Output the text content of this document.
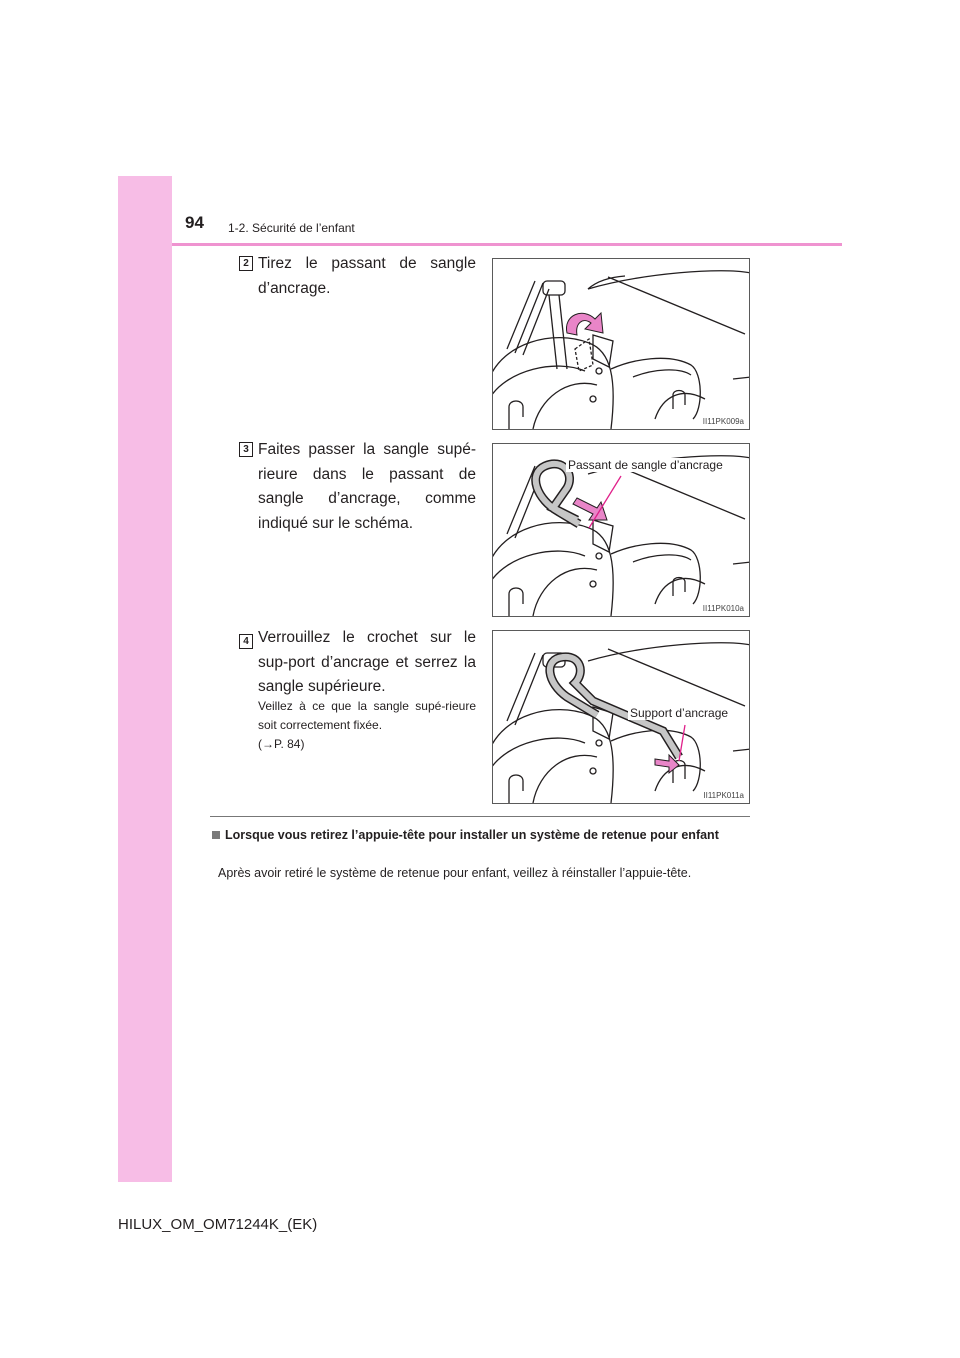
94 1-2. Sécurité de l’enfant
2 Tirez le passant de sangle d’ancrage.
II11PK009a
3 Faites passer la sangle supé-rieure dans le passant de sangle d’ancrage, comme indiqué sur le schéma.
II11PK010a
Passant de sangle d’ancrage
4 Verrouillez le crochet sur le sup-port d’ancrage et serrez la sangle supérieure.
Veillez à ce que la sangle supé-rieure soit correctement fixée.
(→P. 84)
II11PK011a
Support d’ancrage
Lorsque vous retirez l’appuie-tête pour installer un système de retenue pour enfant
Après avoir retiré le système de retenue pour enfant, veillez à réinstaller l’appuie-tête.
HILUX_OM_OM71244K_(EK)
